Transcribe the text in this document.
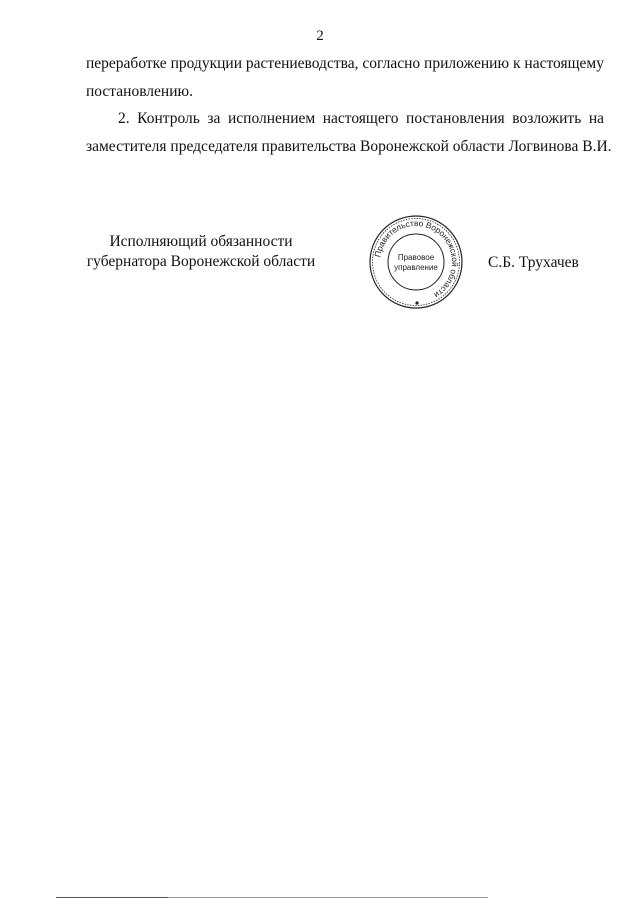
2
переработке продукции растениеводства, согласно приложению к настоящему
постановлению.
2. Контроль за исполнением настоящего постановления возложить на
заместителя председателя правительства Воронежской области Логвинова В.И.
Исполняющий обязанности
губернатора Воронежской области	Правительство Воронежской области
Правовое
управление	С.Б. Трухачев
